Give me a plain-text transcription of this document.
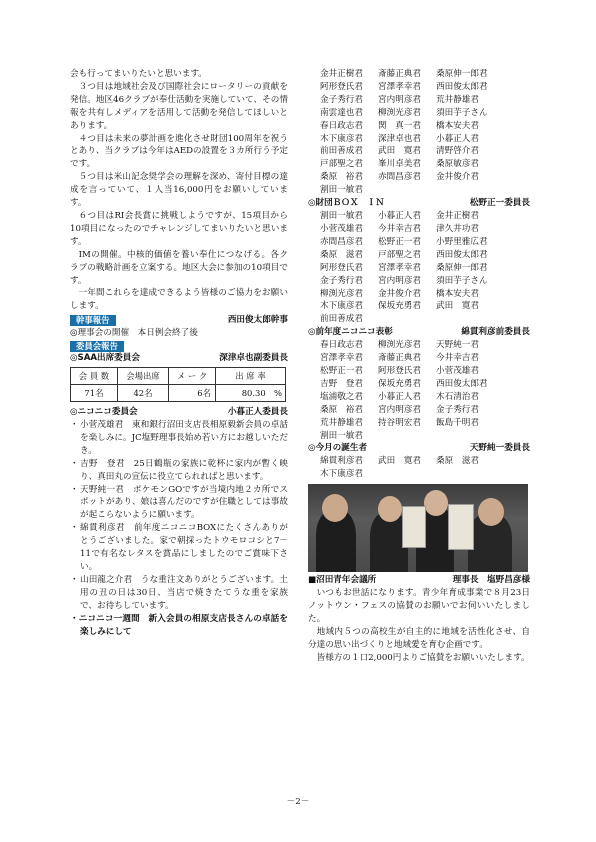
会も行ってまいりたいと思います。

３つ目は地域社会及び国際社会にロータリーの貢献を発信。地区46クラブが奉仕活動を実施していて、その情報を共有しメディアを活用して活動を発信してほしいとあります。

４つ目は未来の夢計画を進化させ財団100周年を祝うとあり、当クラブは今年はAEDの設置を３カ所行う予定です。

５つ目は米山記念奨学会の理解を深め、寄付目標の達成を言っていて、１人当16,000円をお願いしています。

６つ目はRI会長賞に挑戦しようですが、15項目から10項目になったのでチャレンジしてまいりたいと思います。

IMの開催。中核的価値を養い奉仕につなげる。各クラブの戦略計画を立案する。地区大会に参加の10項目です。

一年間これらを達成できるよう皆様のご協力をお願いします。

幹事報告	西田俊太郎幹事

◎理事会の開催　本日例会終了後

委員会報告
◎SAA出席委員会	深津卓也副委員長
会 員 数	会場出席	メ ー ク	出 席 率
71名	42名	6名	80.30　%
◎ニコニコ委員会	小暮正人委員長
・ 小菅茂雄君　東和銀行沼田支店長相原毅新会員の卓話を楽しみに。JC塩野理事長始め若い方にお越しいただき。
・ 吉野　登君　25日鶴瓶の家族に乾杯に家内が暫く映り、真田丸の宣伝に役立てられればと思います。
・ 天野純一君　ポケモンGOですが当境内地２カ所でスポットがあり、娘は喜んだのですが住職としては事故が起こらないように願います。
・ 綿貫利彦君　前年度ニコニコBOXにたくさんありがとうございました。家で朝採ったトウモロコシと7－11で有名なレタスを賞品にしましたのでご賞味下さい。
・ 山田龍之介君　うな重注文ありがとうございます。土用の丑の日は30日、当店で焼きたてうな重を家族で、お待ちしています。

・ニコニコ一週間　新入会員の相原支店長さんの卓話を楽しみにして

金井正樹君	斎藤正典君	桑原伸一郎君
阿形登氏君	宮澤孝幸君	西田俊太郎君
金子秀行君	宮内明彦君	荒井静雄君
南雲達也君	柳渕光彦君	須田芋子さん
春日政志君	関　真一君	橋本安夫君
木下康彦君	深津卓也君	小暮正人君
前田善成君	武田　寛君	清野啓介君
戸部聖之君	峯川卓美君	桑原敏彦君
桑原　裕君	赤間昌彦君	金井俊介君
割田一敏君
◎財団ＢＯＸ　ＩＮ	松野正一委員長
割田一敏君	小暮正人君	金井正樹君
小菅茂雄君	今井幸吉君	津久井功君
赤間昌彦君	松野正一君	小野里雅広君
桑原　滋君	戸部聖之君	西田俊太郎君
阿形登氏君	宮澤孝幸君	桑原伸一郎君
金子秀行君	宮内明彦君	須田芋子さん
柳渕光彦君	金井俊介君	橋本安夫君
木下康彦君	保坂充勇君	武田　寛君
前田善成君
◎前年度ニコニコ表彰	綿貫利彦前委員長
春日政志君	柳渕光彦君	天野純一君
宮澤孝幸君	斎藤正典君	今井幸吉君
松野正一君	阿形登氏君	小菅茂雄君
吉野　登君	保坂充勇君	西田俊太郎君
塩浦敬之君	小暮正人君	木石清治君
桑原　裕君	宮内明彦君	金子秀行君
荒井静雄君	持谷明宏君	飯島千明君
割田一敏君
◎今月の誕生者	天野純一委員長
綿貫利彦君	武田　寛君	桑原　滋君
木下康彦君
■沼田青年会議所	理事長　塩野昌彦様

いつもお世話になります。青少年育成事業で８月23日ノットウン・フェスの協賛のお願いでお伺いいたしました。

地域内５つの高校生が自主的に地域を活性化させ、自分達の思い出づくりと地域愛を育む企画です。

皆様方の１口2,000円よりご協賛をお願いいたします。

－2－
